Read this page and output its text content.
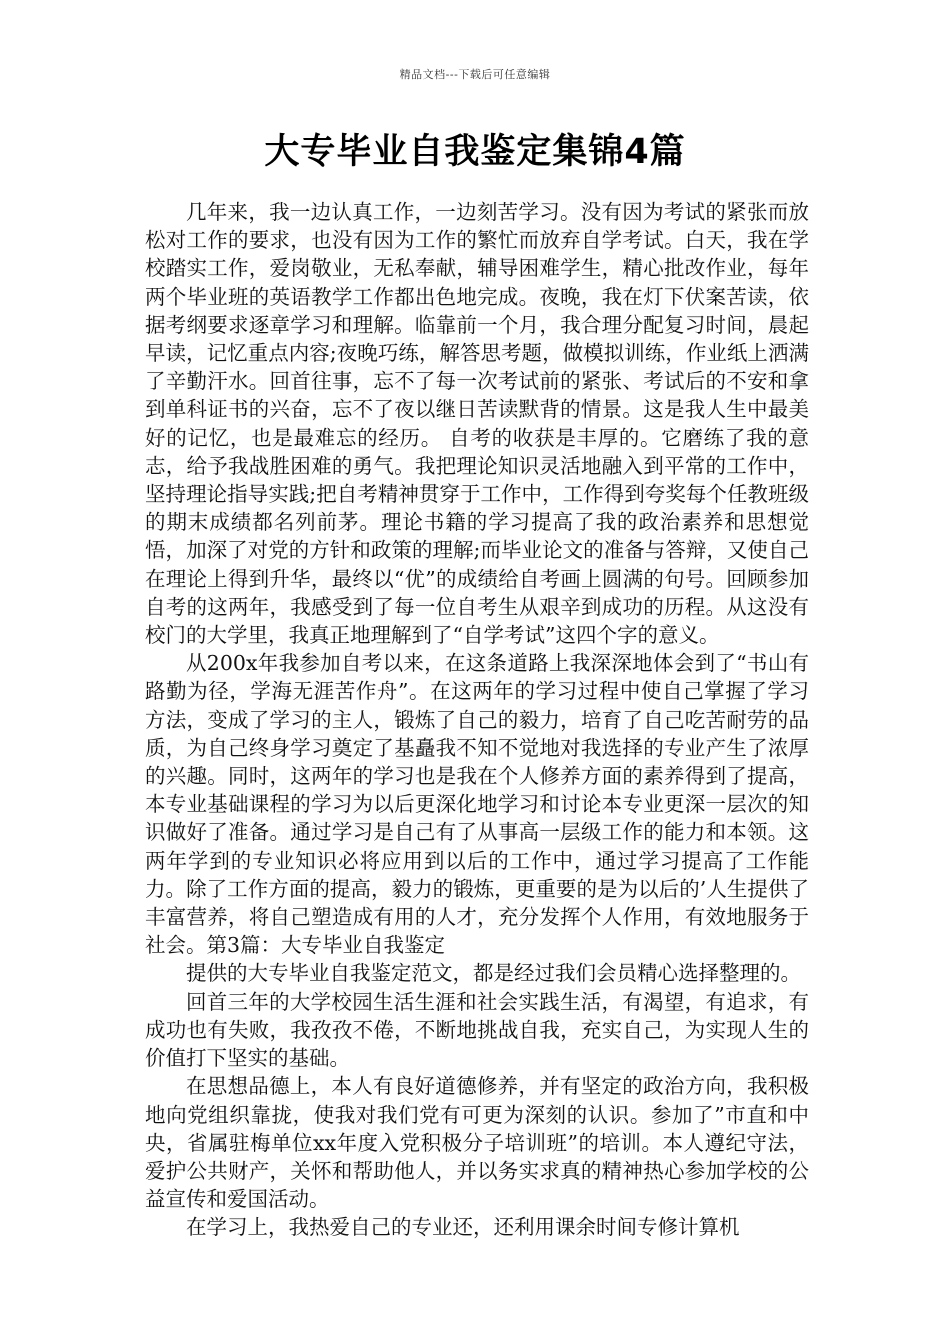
精品文档---下载后可任意编辑
大专毕业自我鉴定集锦4篇

几年来，我一边认真工作，一边刻苦学习。没有因为考试的紧张而放松对工作的要求，也没有因为工作的繁忙而放弃自学考试。白天，我在学校踏实工作，爱岗敬业，无私奉献，辅导困难学生，精心批改作业，每年两个毕业班的英语教学工作都出色地完成。夜晚，我在灯下伏案苦读，依据考纲要求逐章学习和理解。临靠前一个月，我合理分配复习时间，晨起早读，记忆重点内容;夜晚巧练，解答思考题，做模拟训练，作业纸上洒满了辛勤汗水。回首往事，忘不了每一次考试前的紧张、考试后的不安和拿到单科证书的兴奋，忘不了夜以继日苦读默背的情景。这是我人生中最美好的记忆，也是最难忘的经历。 自考的收获是丰厚的。它磨练了我的意志，给予我战胜困难的勇气。我把理论知识灵活地融入到平常的工作中，坚持理论指导实践;把自考精神贯穿于工作中，工作得到夸奖每个任教班级的期末成绩都名列前茅。理论书籍的学习提高了我的政治素养和思想觉悟，加深了对党的方针和政策的理解;而毕业论文的准备与答辩，又使自己在理论上得到升华，最终以“优”的成绩给自考画上圆满的句号。回顾参加自考的这两年，我感受到了每一位自考生从艰辛到成功的历程。从这没有校门的大学里，我真正地理解到了“自学考试”这四个字的意义。

从200x年我参加自考以来，在这条道路上我深深地体会到了“书山有路勤为径，学海无涯苦作舟”。在这两年的学习过程中使自己掌握了学习方法，变成了学习的主人，锻炼了自己的毅力，培育了自己吃苦耐劳的品质，为自己终身学习奠定了基矗我不知不觉地对我选择的专业产生了浓厚的兴趣。同时，这两年的学习也是我在个人修养方面的素养得到了提高，本专业基础课程的学习为以后更深化地学习和讨论本专业更深一层次的知识做好了准备。通过学习是自己有了从事高一层级工作的能力和本领。这两年学到的专业知识必将应用到以后的工作中，通过学习提高了工作能力。除了工作方面的提高，毅力的锻炼，更重要的是为以后的’人生提供了丰富营养，将自己塑造成有用的人才，充分发挥个人作用，有效地服务于社会。第3篇：大专毕业自我鉴定

提供的大专毕业自我鉴定范文，都是经过我们会员精心选择整理的。

回首三年的大学校园生活生涯和社会实践生活，有渴望，有追求，有成功也有失败，我孜孜不倦，不断地挑战自我，充实自己，为实现人生的价值打下坚实的基础。

在思想品德上，本人有良好道德修养，并有坚定的政治方向，我积极地向党组织靠拢，使我对我们党有可更为深刻的认识。参加了”市直和中央，省属驻梅单位xx年度入党积极分子培训班”的培训。本人遵纪守法，爱护公共财产，关怀和帮助他人，并以务实求真的精神热心参加学校的公益宣传和爱国活动。

在学习上，我热爱自己的专业还，还利用课余时间专修计算机
